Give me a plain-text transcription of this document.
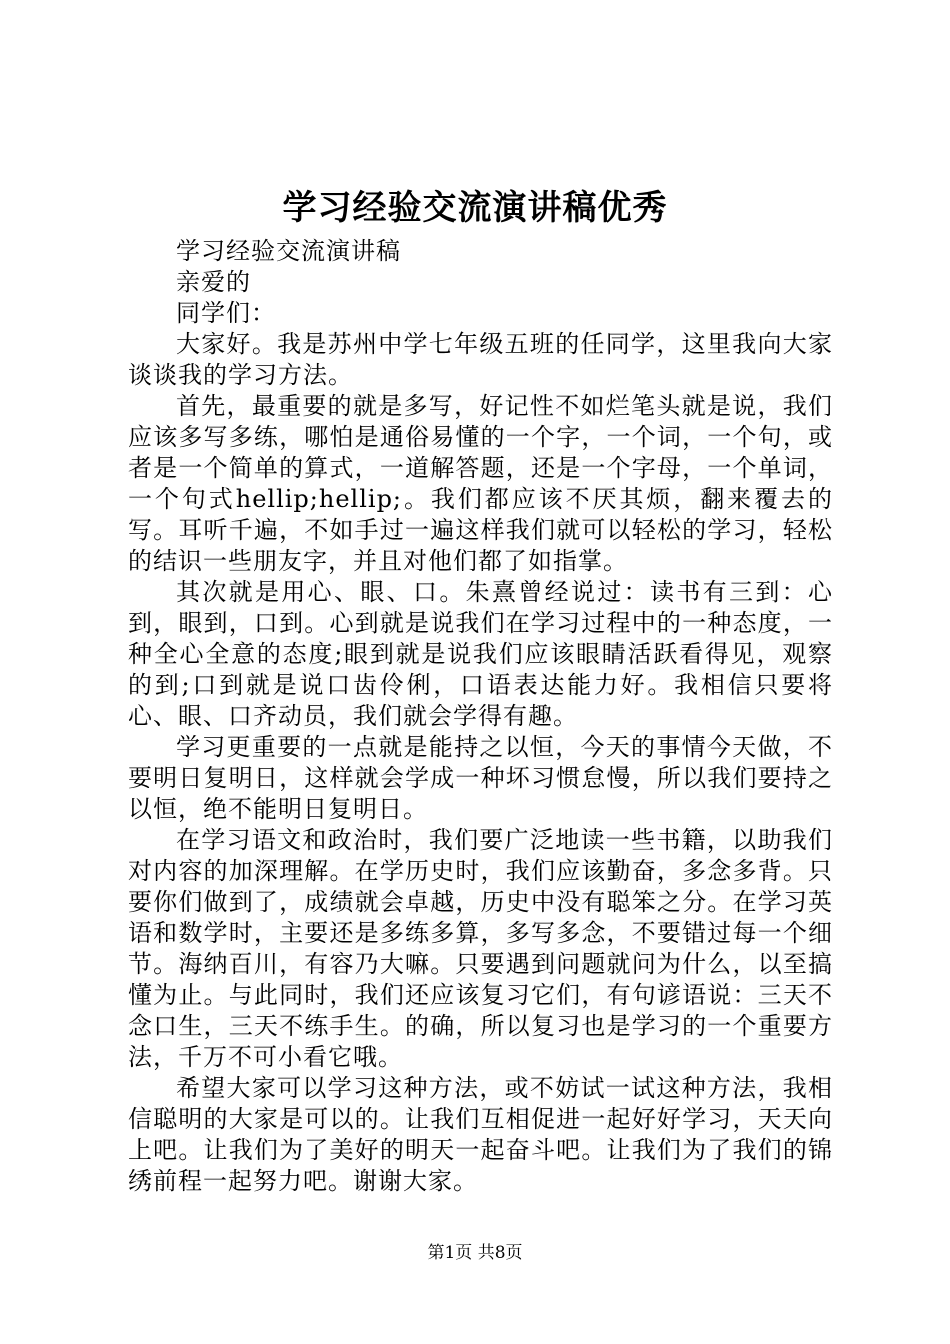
学习经验交流演讲稿优秀

学习经验交流演讲稿

亲爱的

同学们：

大家好。我是苏州中学七年级五班的任同学，这里我向大家谈谈我的学习方法。

首先，最重要的就是多写，好记性不如烂笔头就是说，我们应该多写多练，哪怕是通俗易懂的一个字，一个词，一个句，或者是一个简单的算式，一道解答题，还是一个字母，一个单词，一个句式hellip;hellip;。我们都应该不厌其烦，翻来覆去的写。耳听千遍，不如手过一遍这样我们就可以轻松的学习，轻松的结识一些朋友字，并且对他们都了如指掌。

其次就是用心、眼、口。朱熹曾经说过：读书有三到：心到，眼到，口到。心到就是说我们在学习过程中的一种态度，一种全心全意的态度;眼到就是说我们应该眼睛活跃看得见，观察的到;口到就是说口齿伶俐，口语表达能力好。我相信只要将心、眼、口齐动员，我们就会学得有趣。

学习更重要的一点就是能持之以恒，今天的事情今天做，不要明日复明日，这样就会学成一种坏习惯怠慢，所以我们要持之以恒，绝不能明日复明日。

在学习语文和政治时，我们要广泛地读一些书籍，以助我们对内容的加深理解。在学历史时，我们应该勤奋，多念多背。只要你们做到了，成绩就会卓越，历史中没有聪笨之分。在学习英语和数学时，主要还是多练多算，多写多念，不要错过每一个细节。海纳百川，有容乃大嘛。只要遇到问题就问为什么，以至搞懂为止。与此同时，我们还应该复习它们，有句谚语说：三天不念口生，三天不练手生。的确，所以复习也是学习的一个重要方法，千万不可小看它哦。

希望大家可以学习这种方法，或不妨试一试这种方法，我相信聪明的大家是可以的。让我们互相促进一起好好学习，天天向上吧。让我们为了美好的明天一起奋斗吧。让我们为了我们的锦绣前程一起努力吧。谢谢大家。

第1页 共8页
